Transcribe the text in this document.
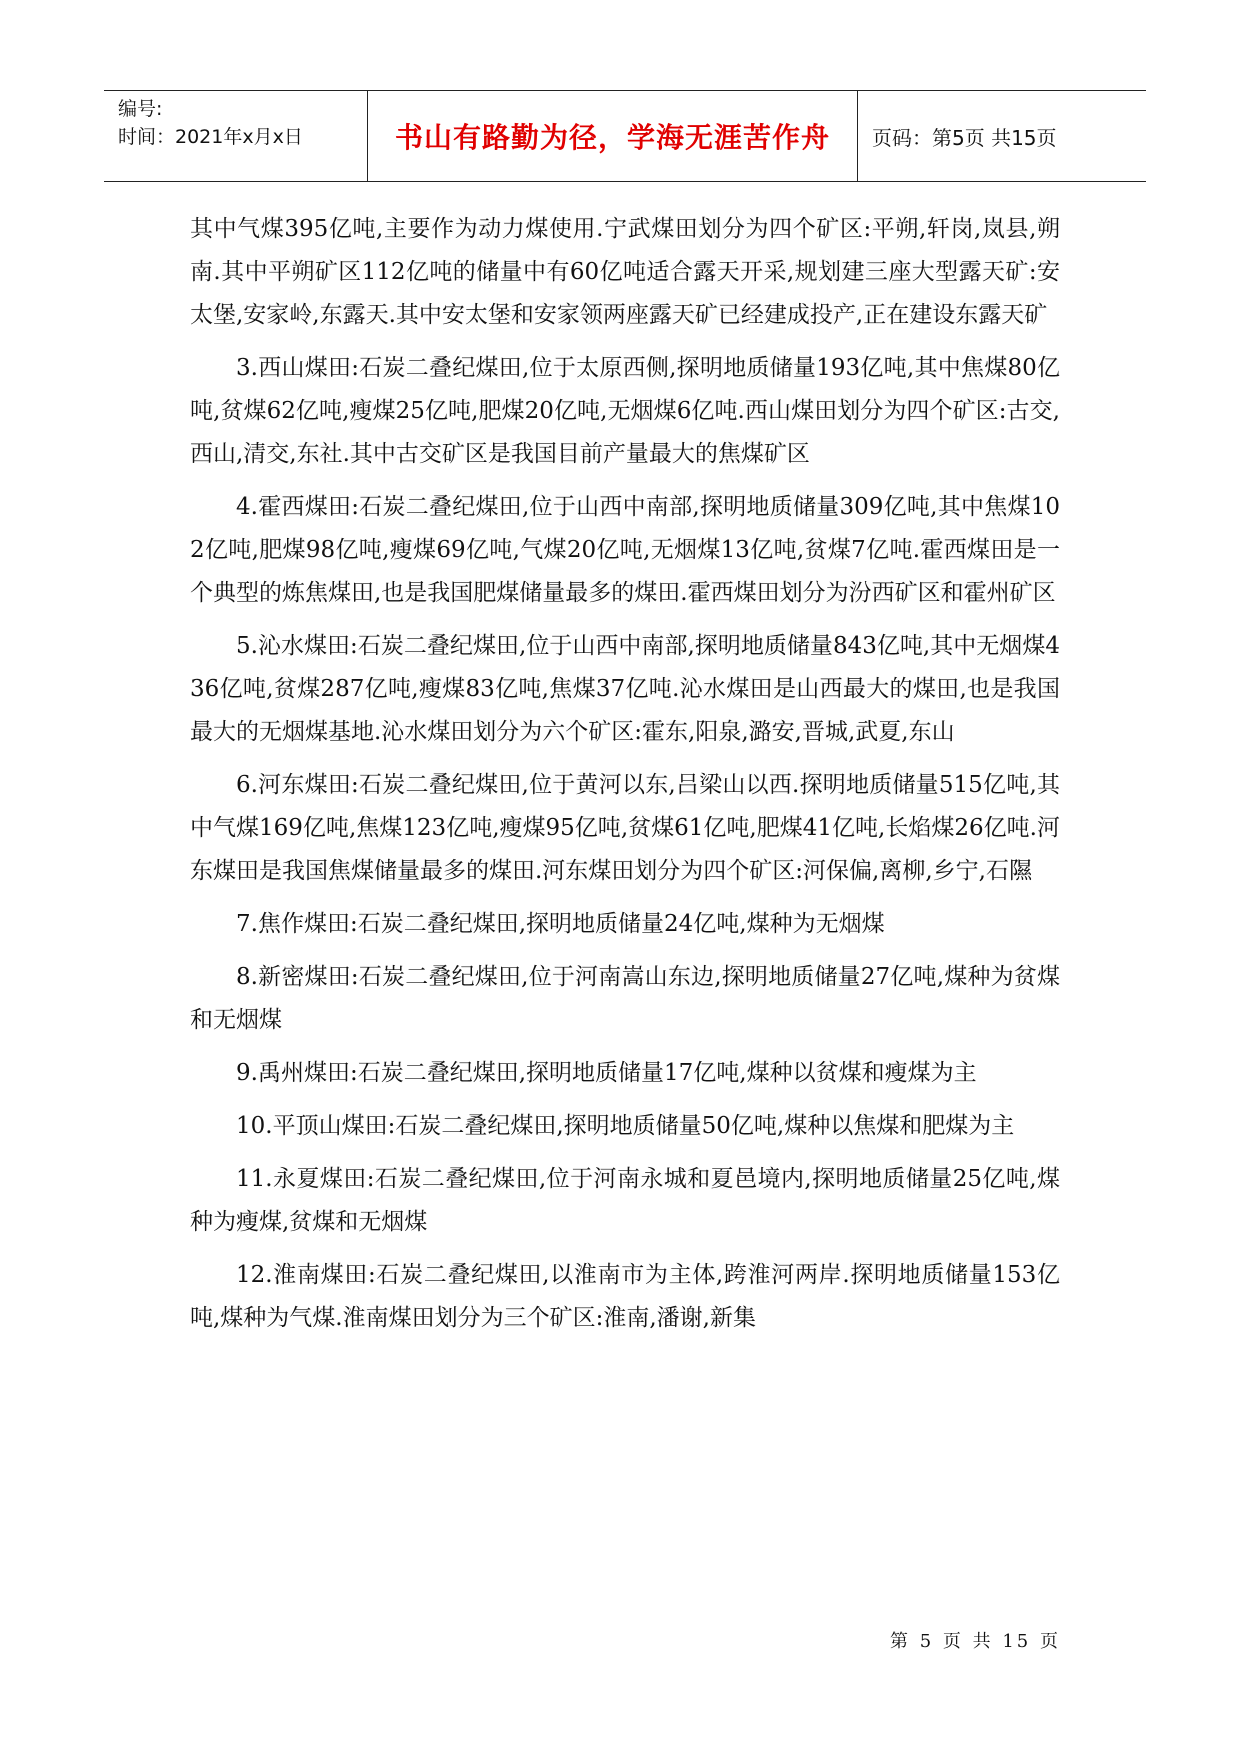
编号:
时间：2021年x月x日	书山有路勤为径，学海无涯苦作舟	页码：第5页 共15页

其中气煤395亿吨,主要作为动力煤使用.宁武煤田划分为四个矿区:平朔,轩岗,岚县,朔南.其中平朔矿区112亿吨的储量中有60亿吨适合露天开采,规划建三座大型露天矿:安太堡,安家岭,东露天.其中安太堡和安家领两座露天矿已经建成投产,正在建设东露天矿

3.西山煤田:石炭二叠纪煤田,位于太原西侧,探明地质储量193亿吨,其中焦煤80亿吨,贫煤62亿吨,瘦煤25亿吨,肥煤20亿吨,无烟煤6亿吨.西山煤田划分为四个矿区:古交,西山,清交,东社.其中古交矿区是我国目前产量最大的焦煤矿区

4.霍西煤田:石炭二叠纪煤田,位于山西中南部,探明地质储量309亿吨,其中焦煤102亿吨,肥煤98亿吨,瘦煤69亿吨,气煤20亿吨,无烟煤13亿吨,贫煤7亿吨.霍西煤田是一个典型的炼焦煤田,也是我国肥煤储量最多的煤田.霍西煤田划分为汾西矿区和霍州矿区

5.沁水煤田:石炭二叠纪煤田,位于山西中南部,探明地质储量843亿吨,其中无烟煤436亿吨,贫煤287亿吨,瘦煤83亿吨,焦煤37亿吨.沁水煤田是山西最大的煤田,也是我国最大的无烟煤基地.沁水煤田划分为六个矿区:霍东,阳泉,潞安,晋城,武夏,东山

6.河东煤田:石炭二叠纪煤田,位于黄河以东,吕梁山以西.探明地质储量515亿吨,其中气煤169亿吨,焦煤123亿吨,瘦煤95亿吨,贫煤61亿吨,肥煤41亿吨,长焰煤26亿吨.河东煤田是我国焦煤储量最多的煤田.河东煤田划分为四个矿区:河保偏,离柳,乡宁,石隰

7.焦作煤田:石炭二叠纪煤田,探明地质储量24亿吨,煤种为无烟煤

8.新密煤田:石炭二叠纪煤田,位于河南嵩山东边,探明地质储量27亿吨,煤种为贫煤和无烟煤

9.禹州煤田:石炭二叠纪煤田,探明地质储量17亿吨,煤种以贫煤和瘦煤为主

10.平顶山煤田:石炭二叠纪煤田,探明地质储量50亿吨,煤种以焦煤和肥煤为主

11.永夏煤田:石炭二叠纪煤田,位于河南永城和夏邑境内,探明地质储量25亿吨,煤种为瘦煤,贫煤和无烟煤

12.淮南煤田:石炭二叠纪煤田,以淮南市为主体,跨淮河两岸.探明地质储量153亿吨,煤种为气煤.淮南煤田划分为三个矿区:淮南,潘谢,新集

第 5 页 共 15 页
